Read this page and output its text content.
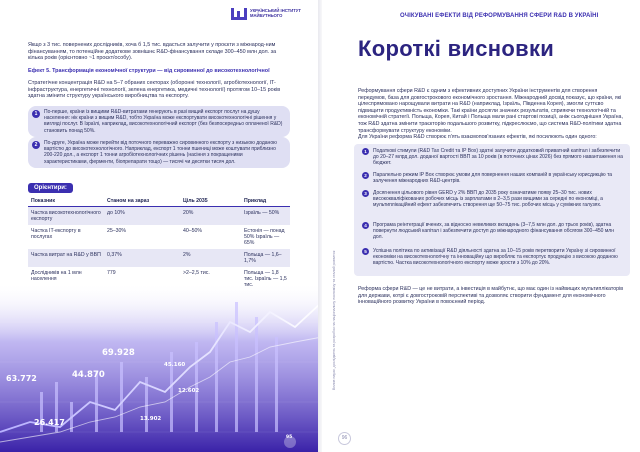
УКРАЇНСЬКИЙ ІНСТИТУТ
МАЙБУТНЬОГО
Якщо з 3 тис. повернених дослідників, хоча б 1,5 тис. вдасться залучити у проєкти з міжнарод-ним фінансуванням, то потенційне додаткове зовнішнє R&D-фінансування складе 300–450 млн дол. за кілька років (орієнтовно ~1 проєкт/особу).
Ефект 5. Трансформація економічної структури — від сировинної до високотехнологічної
Стратегічне концентрація R&D на 5–7 обраних секторах (оборонні технології, агробіотехнології, IT-інфраструктура, енергетичні технології, зелена енергетика, медичні технології) протягом 10–15 років здатна змінити структуру українського виробництва та експорту.
1	По-перше, країни із вищими R&D-витратами генерують в разі вищий експорт послуг на душу населення: нік країни з вищим R&D, тобто Україна може експортувати високотехнологічні рішення у вигляді послуг. В Ізраїлі, наприклад, високотехнологічний експорт (без безпосередньо оплаченої R&D) становить понад 50%.
2	По-друге, Україна може перейти від поточного переважно сировинного експорту з низькою доданою вартістю до високотехнологічного. Наприклад, експорт 1 тонни пшениці може коштувати приблизно 200-220 дол., а експорт 1 тонни агробіотехнологічних рішень (насіння з покращеними характеристиками, ферменти, біопрепарати тощо) — тисячі чи десятки тисяч дол.
Орієнтири:
Показник	Станом на зараз	Ціль 2035	Приклад
Частка високотехнологічного експорту	до 10%	20%	Ізраїль — 50%
Частка IT-експорту в послугах	25–30%	40–50%	Естонія — понад 50% Ізраїль — 65%
Частка витрат на R&D у ВВП	0,37%	2%	Польща — 1,6–1,7%
Дослідників на 1 млн населення	779	>2–2,5 тис.	Польща — 1,8 тис. Ізраїль — 1,5
63.772	44.870
69.928
26.417	13.902
12.602
45.160
95
ОЧІКУВАНІ ЕФЕКТИ ВІД РЕФОРМУВАННЯ СФЕРИ R&D В УКРАЇНІ
Вплив науки, досліджень та розробок на національну економіку та сталий розвиток
Короткі висновки
Реформування сфери R&D є одним з ефективних доступних України інструментів для створення передумов, база для довгострокового економічного зростання. Міжнародний досвід показує, що країни, які цілеспрямовано нарощували витрати на R&D (наприклад, Ізраїль, Південна Корея), змогли суттєво підвищити продуктивність економіки. Такі країни досягли значних результатів, сприяючи технологічній та економічній стратегії. Польща, Корея, Китай і Польща мали рані стартові позиції, аніж сьогоднішня Україна, тож R&D здатна змінити траєкторію подальшого розвитку, підкреслюємо, що система R&D-політики здатна трансформувати структуру економіки.
Для України реформа R&D створює п'ять взаємопов'язаних ефектів, які посилюють один одного:
1	Податкові стимули (R&D Tax Credit та IP Box) здатні залучити додатковий приватний капітал і забезпечити до 20–27 млрд дол. доданої вартості ВВП за 10 років (в поточних цінах 2026) без прямого навантаження на бюджет.
2	Паралельно режим IP Box створює умови для повернення наших компаній в українську юрисдикцію та залучення міжнародних R&D-центрів.
3	Досягнення цільового рівня GERD у 2% ВВП до 2035 року означатиме появу 25–30 тис. нових висококваліфікованих робочих місць із зарплатами в 2–3,5 рази вищими за середні по економіці, а мультиплікаційний ефект забезпечить створення ще 50–75 тис. робочих місць у суміжних галузях.
4	Програма реінтеграції вчених, за відносно невеликих вкладень (3–7,5 млн дол. до трьох років), здатна повернути людський капітал і забезпечити доступ до міжнародного фінансування обсягом 300–450 млн дол.
5	Успішна політика по активізації R&D діяльності здатна за 10–15 років перетворити Україну зі сировинної економіки на високотехнологічну та інноваційну що виробляє та експортує продукцію з високою доданою вартістю. Частка високотехнологічного експорту може зрости з 10% до 20%.
Реформа сфери R&D — це не витрати, а інвестиція в майбутнє, що має один із найвищих мультиплікаторів для держави, котрі є довгостроковій перспективі та дозволяє створити фундамент для економічного інноваційного розвитку України в повоєнний період.
96
